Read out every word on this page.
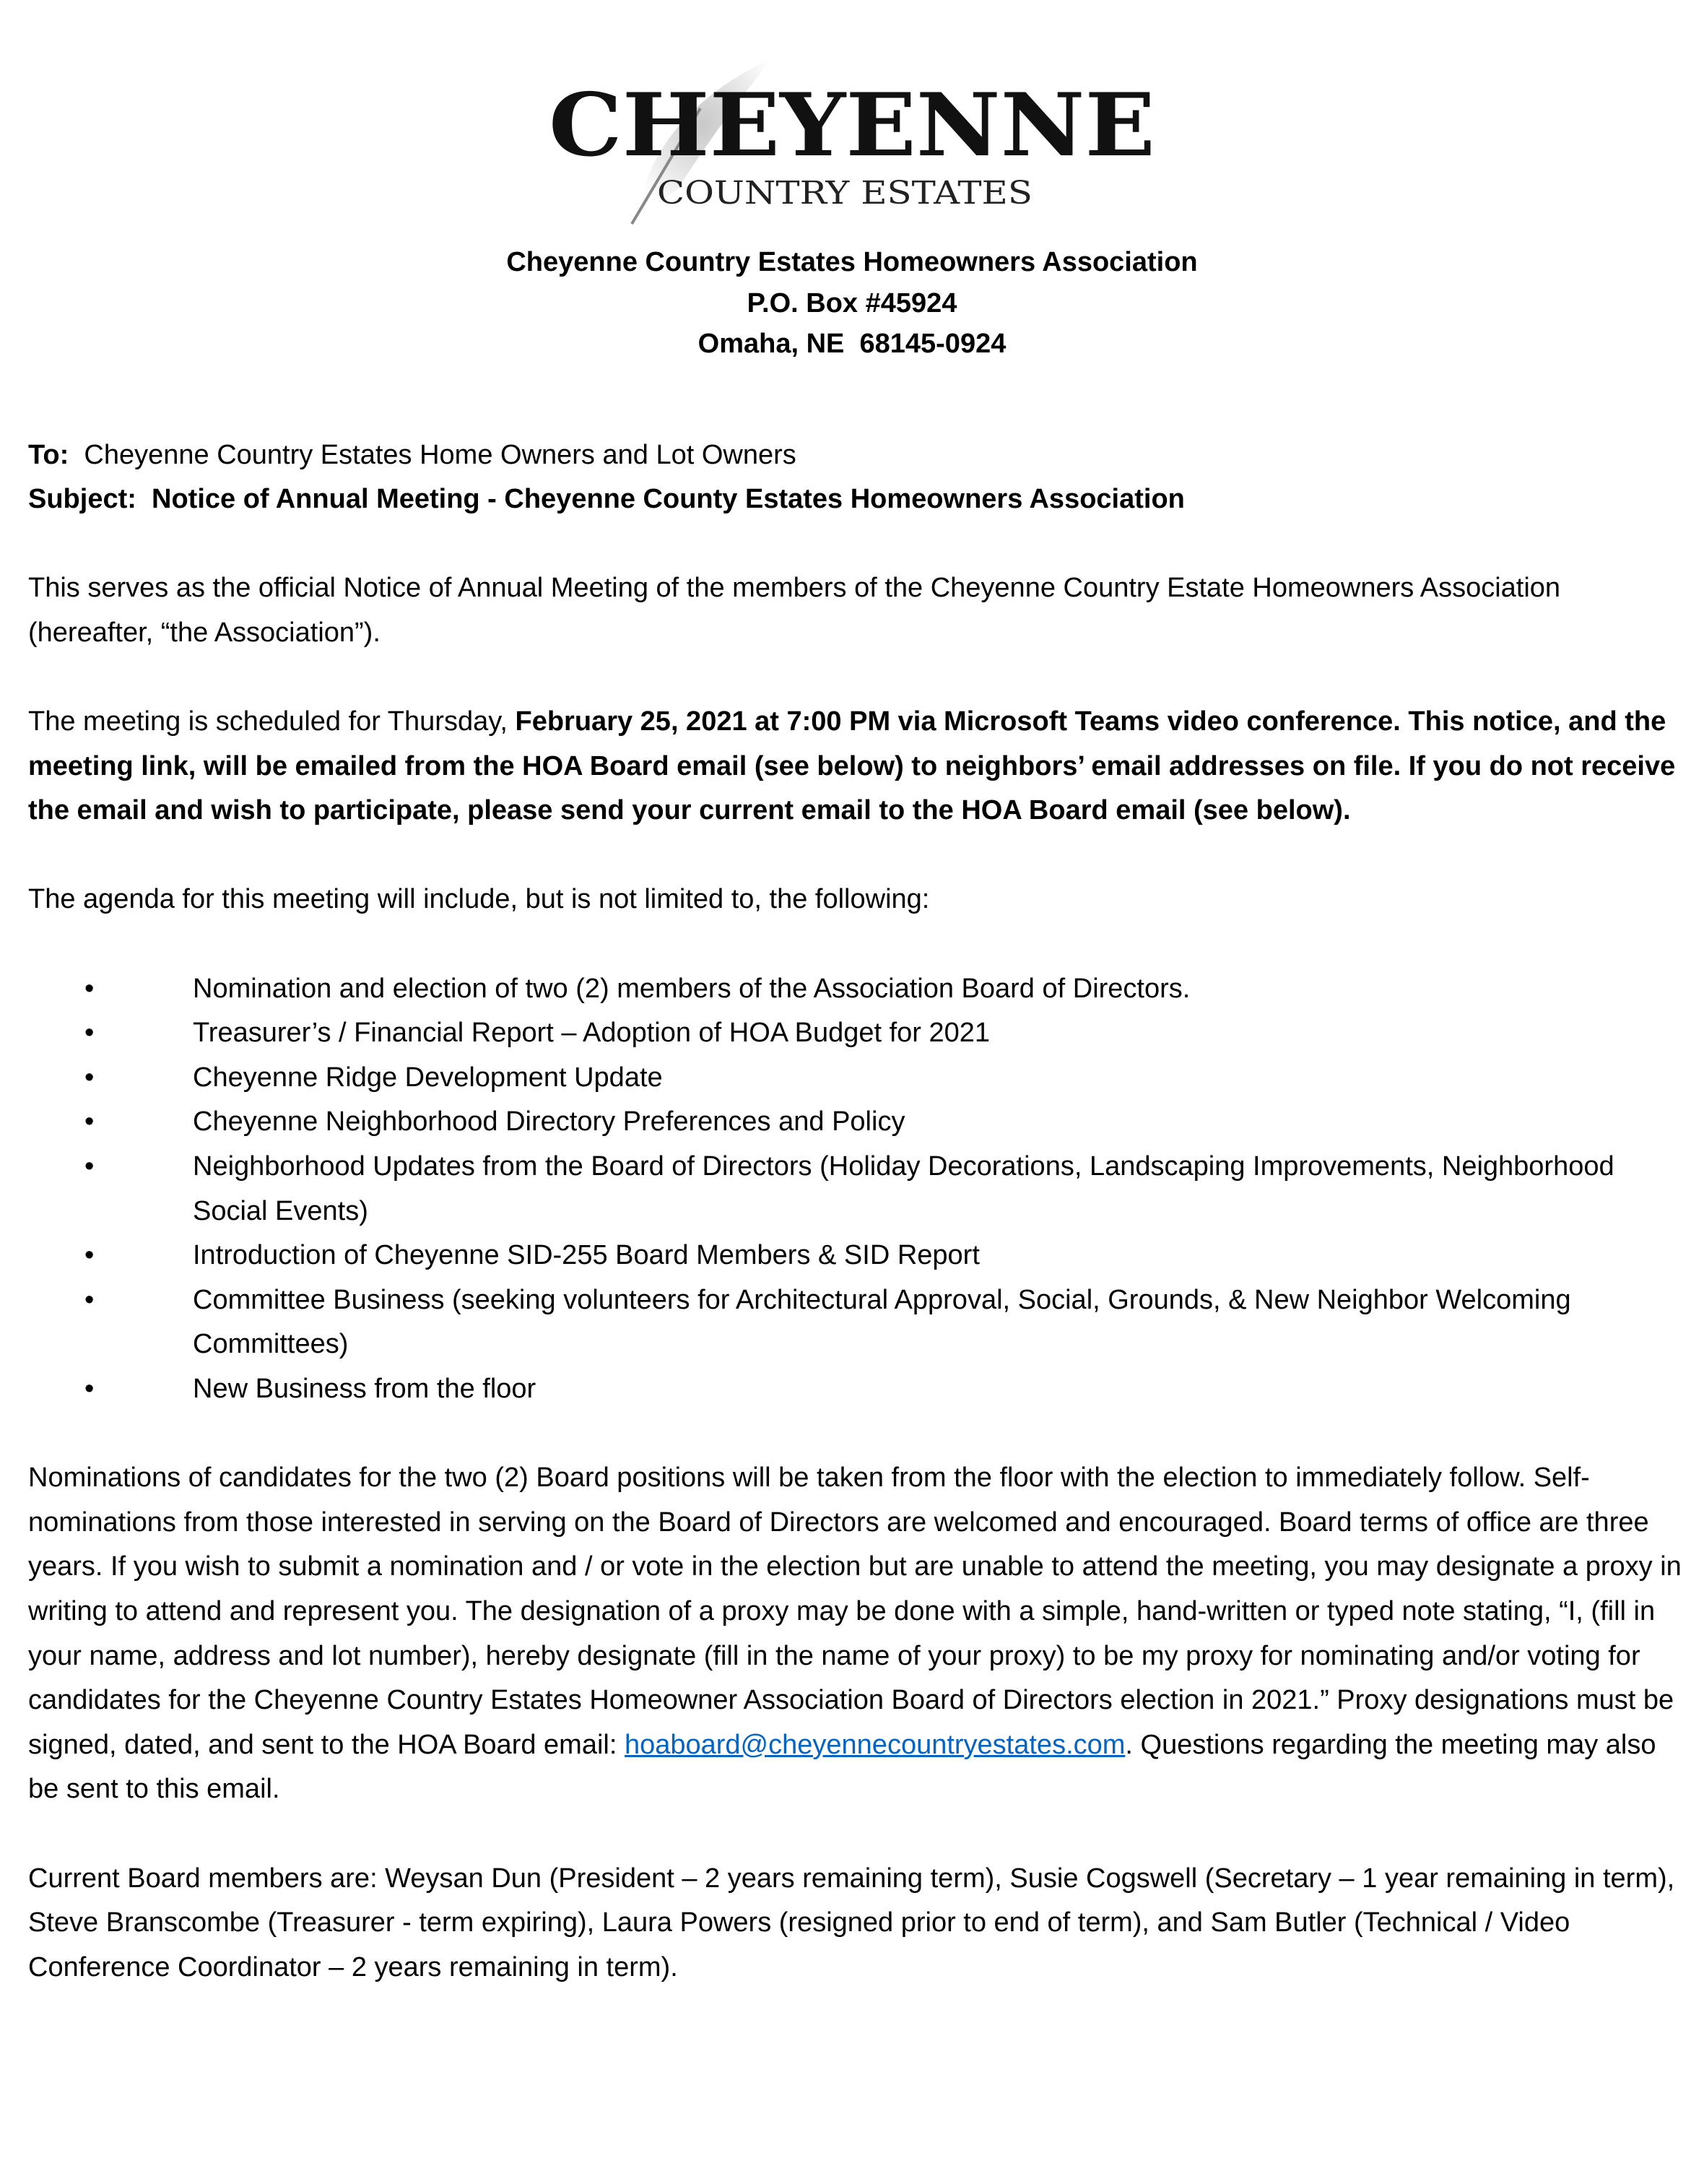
CHEYENNE
COUNTRY ESTATES
Cheyenne Country Estates Homeowners Association
P.O. Box #45924
Omaha, NE  68145-0924
To: Cheyenne Country Estates Home Owners and Lot Owners
Subject: Notice of Annual Meeting - Cheyenne County Estates Homeowners Association

This serves as the official Notice of Annual Meeting of the members of the Cheyenne Country Estate Homeowners Association (hereafter, “the Association”).

The meeting is scheduled for Thursday, February 25, 2021 at 7:00 PM via Microsoft Teams video conference. This notice, and the meeting link, will be emailed from the HOA Board email (see below) to neighbors’ email addresses on file. If you do not receive the email and wish to participate, please send your current email to the HOA Board email (see below).

The agenda for this meeting will include, but is not limited to, the following:

•	Nomination and election of two (2) members of the Association Board of Directors.
•	Treasurer’s / Financial Report – Adoption of HOA Budget for 2021
•	Cheyenne Ridge Development Update
•	Cheyenne Neighborhood Directory Preferences and Policy
•	Neighborhood Updates from the Board of Directors (Holiday Decorations, Landscaping Improvements, Neighborhood Social Events)
•	Introduction of Cheyenne SID-255 Board Members & SID Report
•	Committee Business (seeking volunteers for Architectural Approval, Social, Grounds, & New Neighbor Welcoming Committees)
•	New Business from the floor

Nominations of candidates for the two (2) Board positions will be taken from the floor with the election to immediately follow. Self-nominations from those interested in serving on the Board of Directors are welcomed and encouraged. Board terms of office are three years. If you wish to submit a nomination and / or vote in the election but are unable to attend the meeting, you may designate a proxy in writing to attend and represent you. The designation of a proxy may be done with a simple, hand-written or typed note stating, “I, (fill in your name, address and lot number), hereby designate (fill in the name of your proxy) to be my proxy for nominating and/or voting for candidates for the Cheyenne Country Estates Homeowner Association Board of Directors election in 2021.” Proxy designations must be signed, dated, and sent to the HOA Board email: hoaboard@cheyennecountryestates.com. Questions regarding the meeting may also be sent to this email.

Current Board members are: Weysan Dun (President – 2 years remaining term), Susie Cogswell (Secretary – 1 year remaining in term), Steve Branscombe (Treasurer - term expiring), Laura Powers (resigned prior to end of term), and Sam Butler (Technical / Video Conference Coordinator – 2 years remaining in term).
